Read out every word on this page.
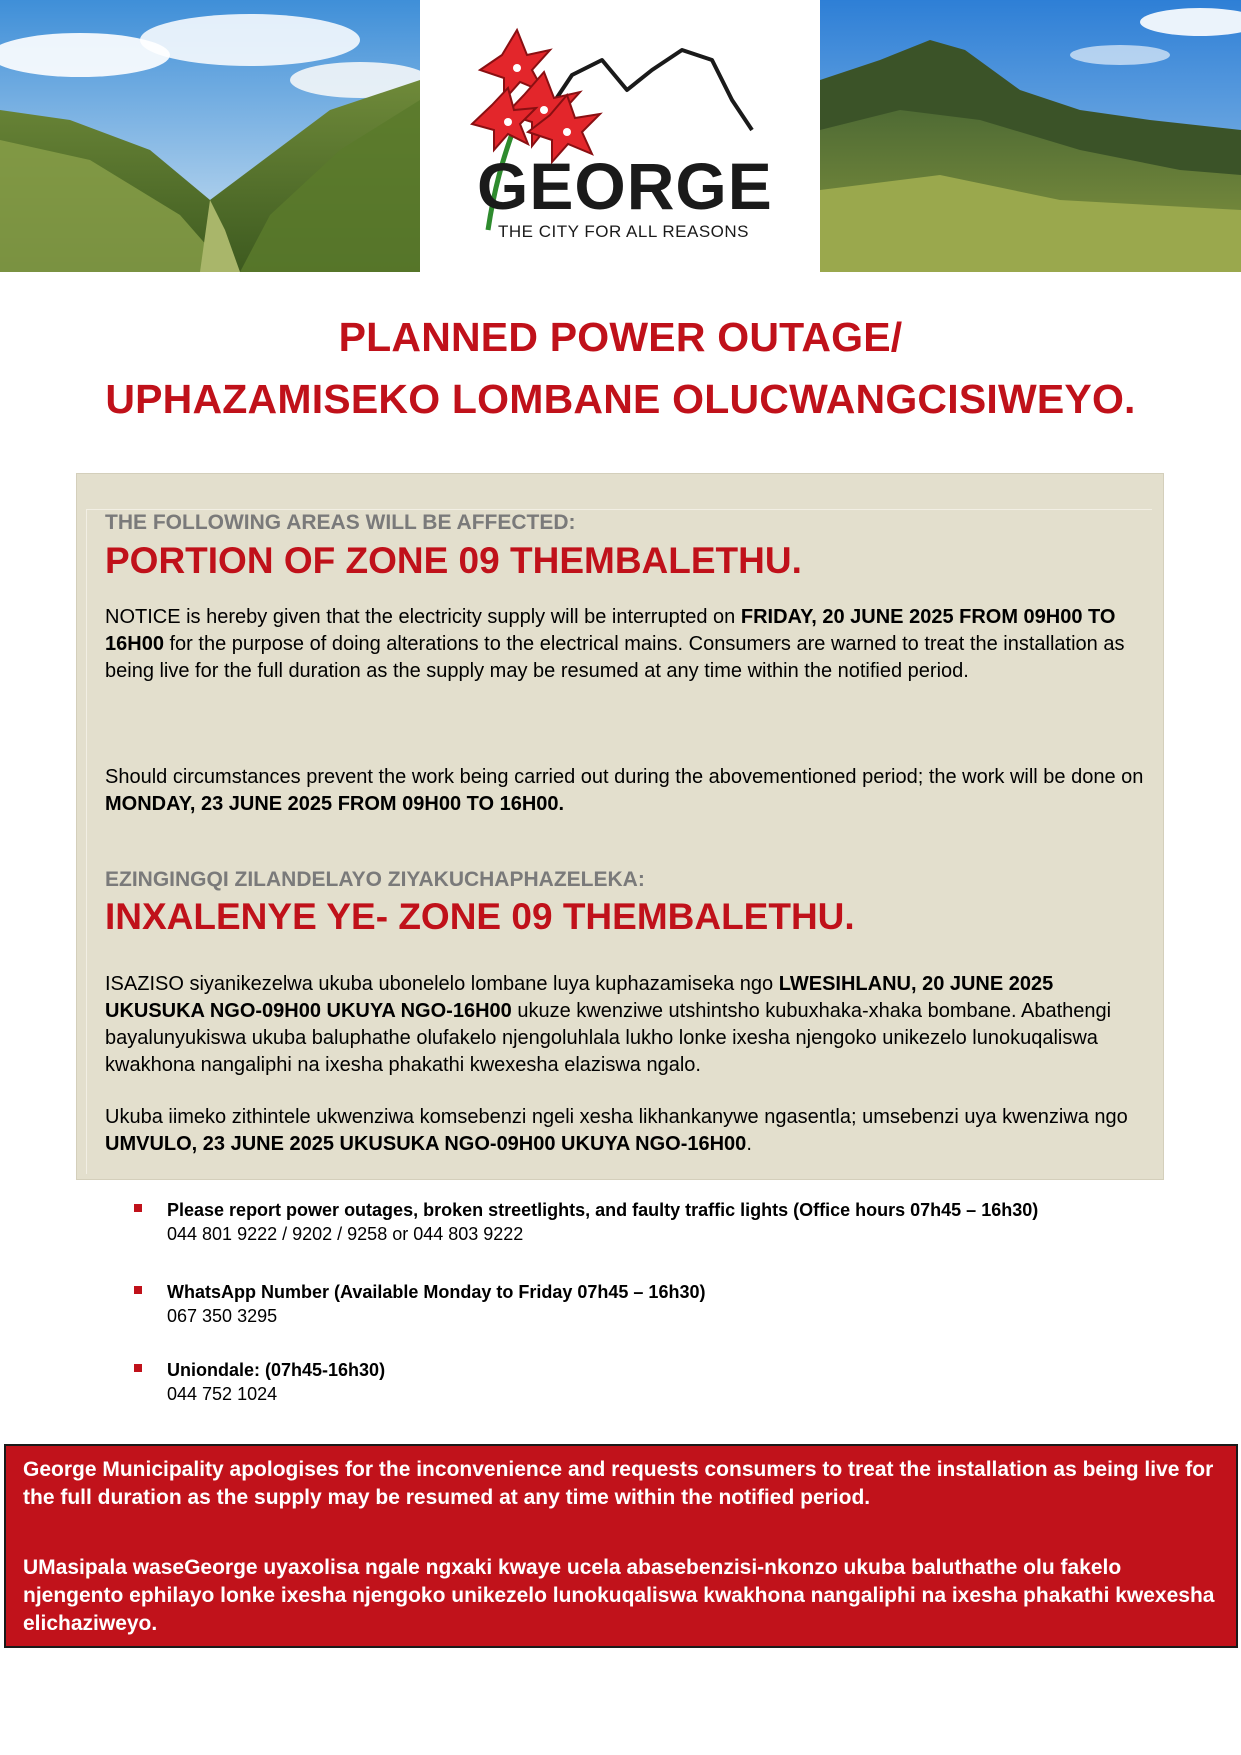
GEORGE
THE CITY FOR ALL REASONS
PLANNED POWER OUTAGE/
UPHAZAMISEKO LOMBANE OLUCWANGCISIWEYO.

THE FOLLOWING AREAS WILL BE AFFECTED:

PORTION OF ZONE 09 THEMBALETHU.

NOTICE is hereby given that the electricity supply will be interrupted on FRIDAY, 20 JUNE 2025 FROM 09H00 TO 16H00 for the purpose of doing alterations to the electrical mains. Consumers are warned to treat the installation as being live for the full duration as the supply may be resumed at any time within the notified period.

Should circumstances prevent the work being carried out during the abovementioned period; the work will be done on MONDAY, 23 JUNE 2025 FROM 09H00 TO 16H00.

EZINGINGQI ZILANDELAYO ZIYAKUCHAPHAZELEKA:

INXALENYE YE- ZONE 09 THEMBALETHU.

ISAZISO siyanikezelwa ukuba ubonelelo lombane luya kuphazamiseka ngo LWESIHLANU, 20 JUNE 2025 UKUSUKA NGO-09H00 UKUYA NGO-16H00 ukuze kwenziwe utshintsho kubuxhaka-xhaka bombane. Abathengi bayalunyukiswa ukuba baluphathe olufakelo njengoluhlala lukho lonke ixesha njengoko unikezelo lunokuqaliswa kwakhona nangaliphi na ixesha phakathi kwexesha elaziswa ngalo.

Ukuba iimeko zithintele ukwenziwa komsebenzi ngeli xesha likhankanywe ngasentla; umsebenzi uya kwenziwa ngo UMVULO, 23 JUNE 2025 UKUSUKA NGO-09H00 UKUYA NGO-16H00.

Please report power outages, broken streetlights, and faulty traffic lights (Office hours 07h45 – 16h30)

044 801 9222 / 9202 / 9258 or 044 803 9222

WhatsApp Number (Available Monday to Friday 07h45 – 16h30)

067 350 3295

Uniondale: (07h45-16h30)

044 752 1024

George Municipality apologises for the inconvenience and requests consumers to treat the installation as being live for the full duration as the supply may be resumed at any time within the notified period.

UMasipala waseGeorge uyaxolisa ngale ngxaki kwaye ucela abasebenzisi-nkonzo ukuba baluthathe olu fakelo njengento ephilayo lonke ixesha njengoko unikezelo lunokuqaliswa kwakhona nangaliphi na ixesha phakathi kwexesha elichaziweyo.
